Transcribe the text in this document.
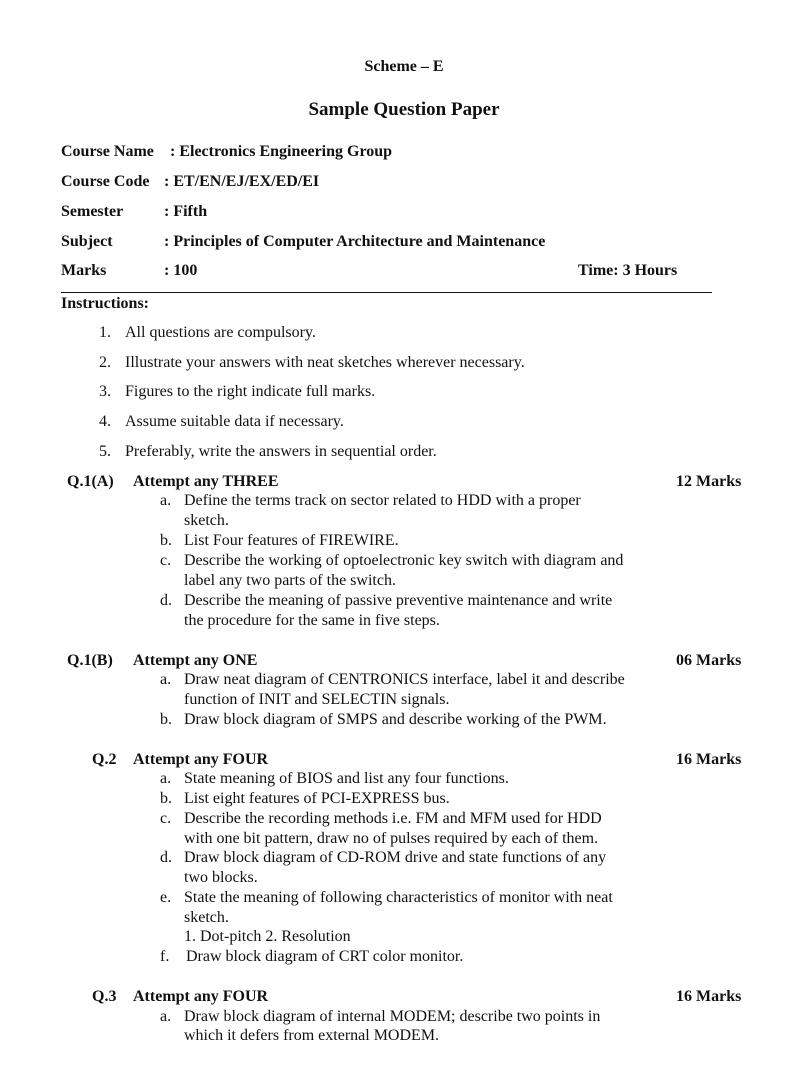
Scheme – E
Sample Question Paper
Course Name : Electronics Engineering Group
Course Code : ET/EN/EJ/EX/ED/EI
Semester	: Fifth
Subject	: Principles of Computer Architecture and Maintenance
Marks	: 100	Time: 3 Hours
Instructions:
1. All questions are compulsory.
2. Illustrate your answers with neat sketches wherever necessary.
3. Figures to the right indicate full marks.
4. Assume suitable data if necessary.
5. Preferably, write the answers in sequential order.
Q.1(A) Attempt any THREE	12 Marks
a. Define the terms track on sector related to HDD with a proper
sketch.
b. List Four features of FIREWIRE.
c. Describe the working of optoelectronic key switch with diagram and
label any two parts of the switch.
d. Describe the meaning of passive preventive maintenance and write
the procedure for the same in five steps.
Q.1(B) Attempt any ONE	06 Marks
a. Draw neat diagram of CENTRONICS interface, label it and describe
function of INIT and SELECTIN signals.
b. Draw block diagram of SMPS and describe working of the PWM.
Q.2 Attempt any FOUR	16 Marks
a. State meaning of BIOS and list any four functions.
b. List eight features of PCI-EXPRESS bus.
c. Describe the recording methods i.e. FM and MFM used for HDD
with one bit pattern, draw no of pulses required by each of them.
d. Draw block diagram of CD-ROM drive and state functions of any
two blocks.
e. State the meaning of following characteristics of monitor with neat
sketch.
1. Dot-pitch 2. Resolution
f. Draw block diagram of CRT color monitor.
Q.3 Attempt any FOUR	16 Marks
a. Draw block diagram of internal MODEM; describe two points in
which it defers from external MODEM.
